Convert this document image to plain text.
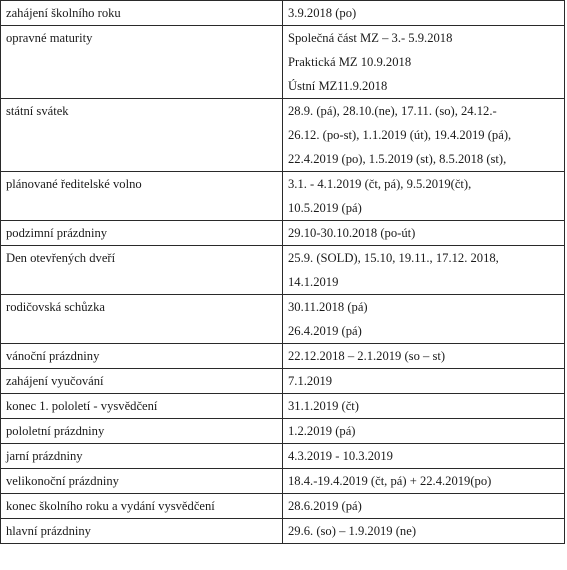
zahájení školního roku	3.9.2018 (po)

opravné maturity	Společná část MZ – 3.- 5.9.2018
Praktická MZ 10.9.2018
Ústní MZ11.9.2018

státní svátek	28.9. (pá), 28.10.(ne), 17.11. (so), 24.12.-
26.12. (po-st), 1.1.2019 (út), 19.4.2019 (pá),
22.4.2019 (po), 1.5.2019 (st), 8.5.2018 (st),

plánované ředitelské volno	3.1. - 4.1.2019 (čt, pá), 9.5.2019(čt),
10.5.2019 (pá)

podzimní prázdniny	29.10-30.10.2018 (po-út)

Den otevřených dveří	25.9. (SOLD), 15.10, 19.11., 17.12. 2018,
14.1.2019

rodičovská schůzka	30.11.2018 (pá)
26.4.2019 (pá)

vánoční prázdniny	22.12.2018 – 2.1.2019 (so – st)

zahájení vyučování	7.1.2019

konec 1. pololetí - vysvědčení	31.1.2019 (čt)

pololetní prázdniny	1.2.2019 (pá)

jarní prázdniny	4.3.2019 - 10.3.2019

velikonoční prázdniny	18.4.-19.4.2019 (čt, pá) + 22.4.2019(po)

konec školního roku a vydání vysvědčení	28.6.2019 (pá)

hlavní prázdniny	29.6. (so) – 1.9.2019 (ne)
